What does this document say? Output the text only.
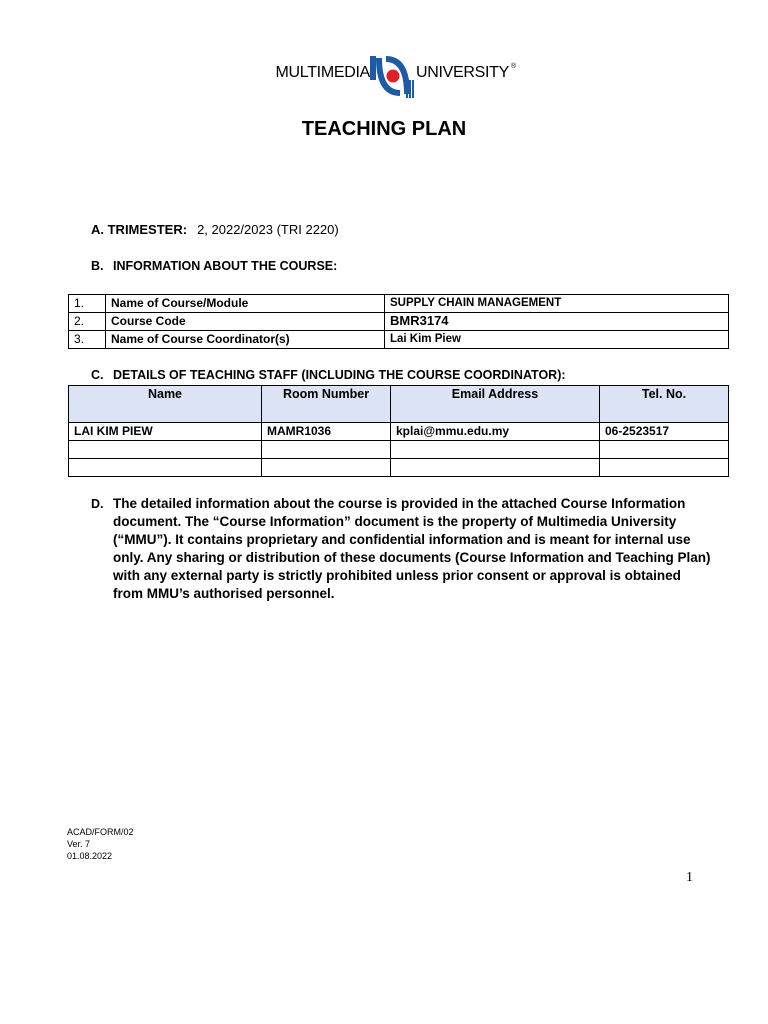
MULTIMEDIA	UNIVERSITY ®
TEACHING PLAN
A. TRIMESTER: 2, 2022/2023 (TRI 2220)
B. INFORMATION ABOUT THE COURSE:
1.	Name of Course/Module	SUPPLY CHAIN MANAGEMENT
2.	Course Code	BMR3174
3.	Name of Course Coordinator(s)	Lai Kim Piew
C. DETAILS OF TEACHING STAFF (INCLUDING THE COURSE COORDINATOR):
Name	Room Number	Email Address	Tel. No.
LAI KIM PIEW	MAMR1036	kplai@mmu.edu.my	06-2523517

D. The detailed information about the course is provided in the attached Course Information document. The “Course Information” document is the property of Multimedia University (“MMU”). It contains proprietary and confidential information and is meant for internal use only. Any sharing or distribution of these documents (Course Information and Teaching Plan) with any external party is strictly prohibited unless prior consent or approval is obtained from MMU’s authorised personnel.
ACAD/FORM/02
Ver. 7
01.08.2022
1
